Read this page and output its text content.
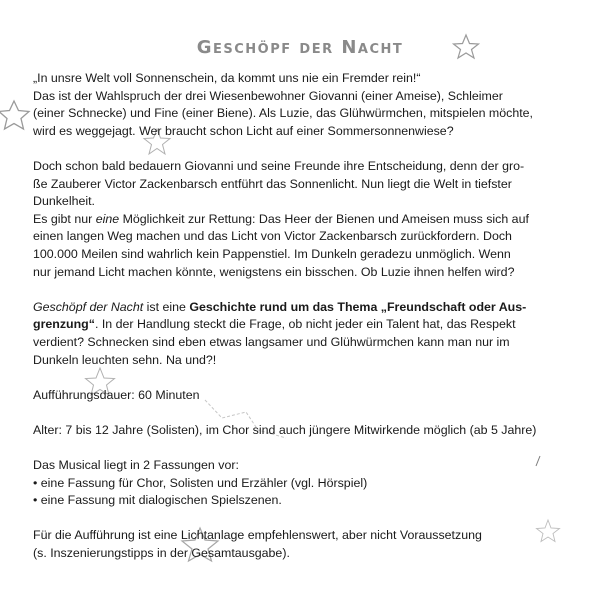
Geschöpf der Nacht

„In unsre Welt voll Sonnenschein, da kommt uns nie ein Fremder rein!“
Das ist der Wahlspruch der drei Wiesenbewohner Giovanni (einer Ameise), Schleimer
(einer Schnecke) und Fine (einer Biene). Als Luzie, das Glühwürmchen, mitspielen möchte,
wird es weggejagt. Wer braucht schon Licht auf einer Sommersonnenwiese?

Doch schon bald bedauern Giovanni und seine Freunde ihre Entscheidung, denn der gro-
ße Zauberer Victor Zackenbarsch entführt das Sonnenlicht. Nun liegt die Welt in tiefster
Dunkelheit.

Es gibt nur eine Möglichkeit zur Rettung: Das Heer der Bienen und Ameisen muss sich auf
einen langen Weg machen und das Licht von Victor Zackenbarsch zurückfordern. Doch
100.000 Meilen sind wahrlich kein Pappenstiel. Im Dunkeln geradezu unmöglich. Wenn
nur jemand Licht machen könnte, wenigstens ein bisschen. Ob Luzie ihnen helfen wird?

Geschöpf der Nacht ist eine Geschichte rund um das Thema „Freundschaft oder Aus-
grenzung“. In der Handlung steckt die Frage, ob nicht jeder ein Talent hat, das Respekt
verdient? Schnecken sind eben etwas langsamer und Glühwürmchen kann man nur im
Dunkeln leuchten sehn. Na und?!

Aufführungsdauer: 60 Minuten

Alter: 7 bis 12 Jahre (Solisten), im Chor sind auch jüngere Mitwirkende möglich (ab 5 Jahre)

Das Musical liegt in 2 Fassungen vor:

• eine Fassung für Chor, Solisten und Erzähler (vgl. Hörspiel)
• eine Fassung mit dialogischen Spielszenen.

Für die Aufführung ist eine Lichtanlage empfehlenswert, aber nicht Voraussetzung
(s. Inszenierungstipps in der Gesamtausgabe).
